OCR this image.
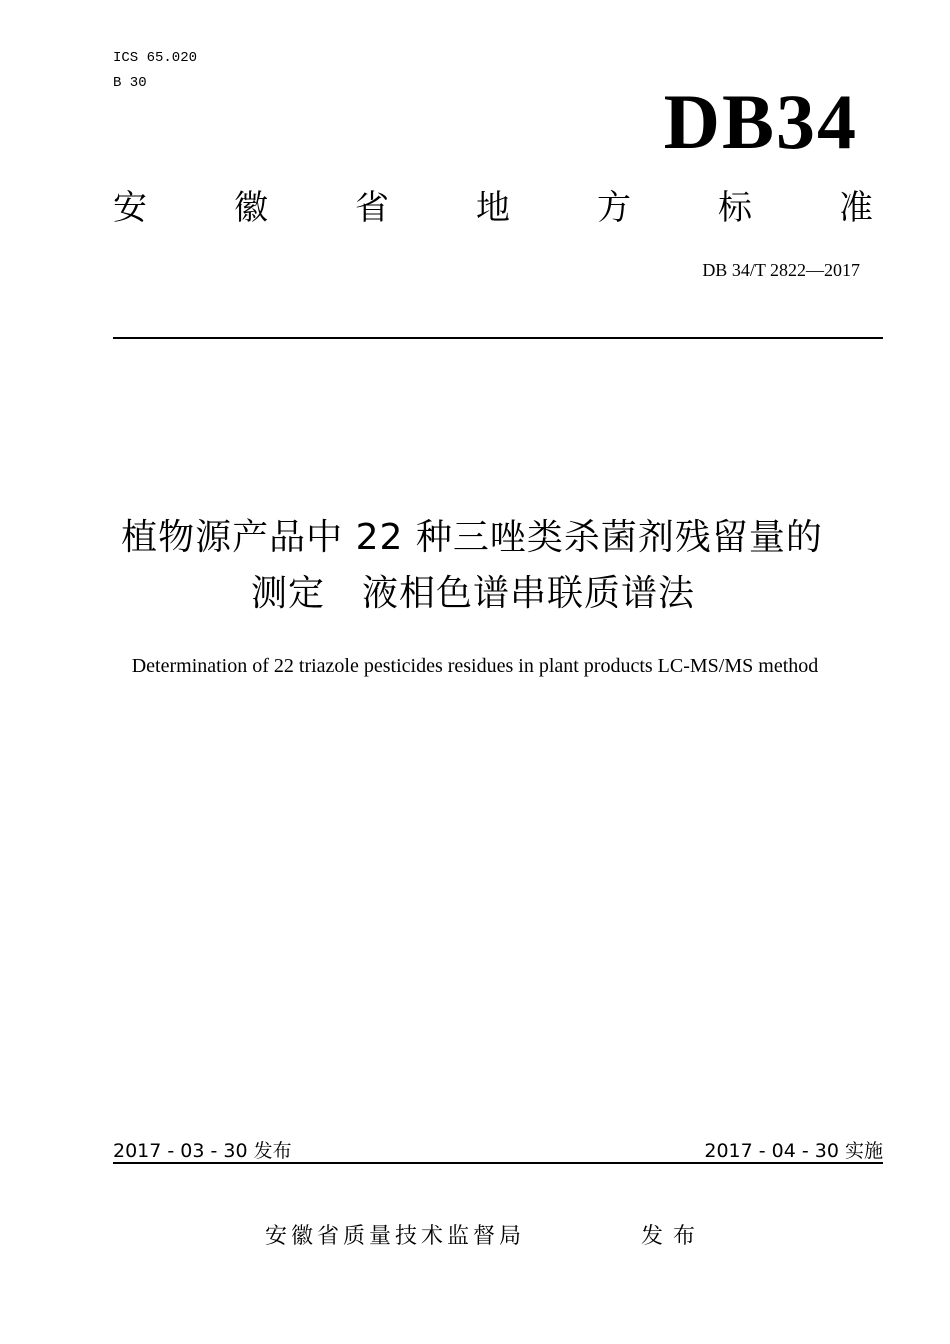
ICS 65.020
B 30	DB34
安	徽	省	地	方	标	准
DB 34/T 2822—2017
植物源产品中 22 种三唑类杀菌剂残留量的
测定　液相色谱串联质谱法
Determination of 22 triazole pesticides residues in plant products LC-MS/MS method
2017 - 03 - 30 发布	2017 - 04 - 30 实施
安徽省质量技术监督局	发布
